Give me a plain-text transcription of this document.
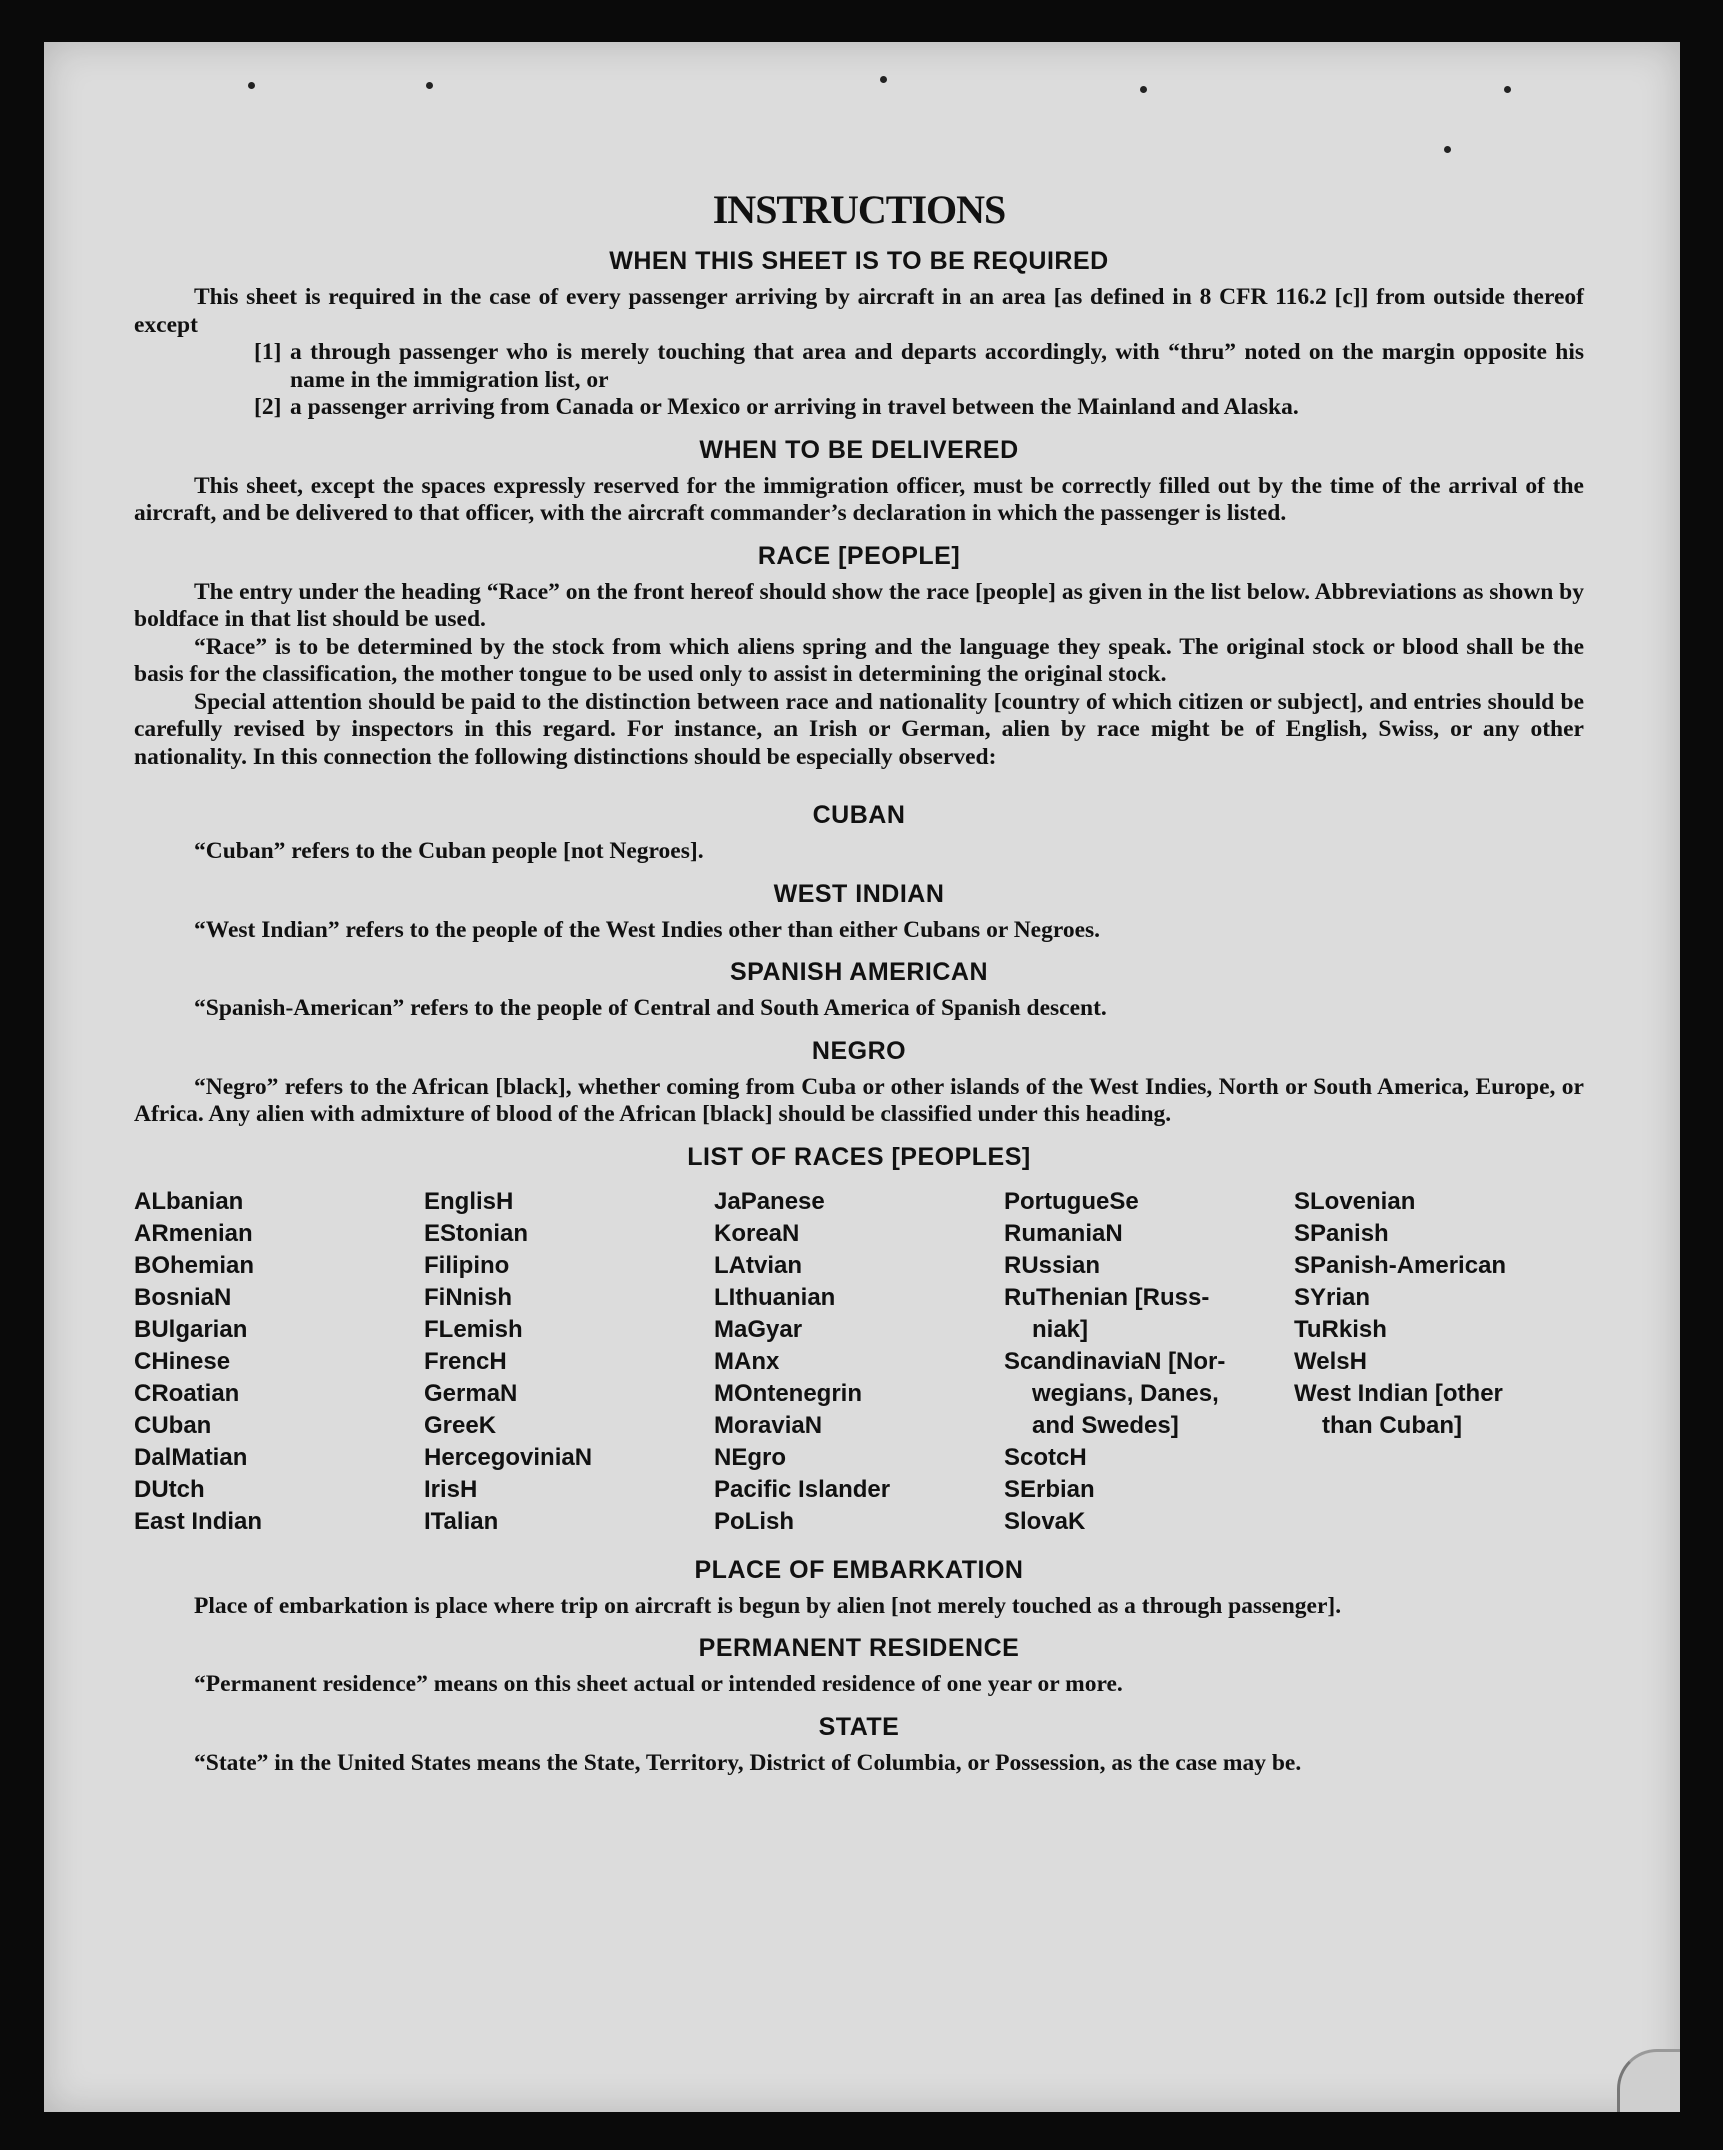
INSTRUCTIONS
WHEN THIS SHEET IS TO BE REQUIRED

This sheet is required in the case of every passenger arriving by aircraft in an area [as defined in 8 CFR 116.2 [c]] from outside thereof except

[1] a through passenger who is merely touching that area and departs accordingly, with “thru” noted on the margin opposite his name in the immigration list, or
[2] a passenger arriving from Canada or Mexico or arriving in travel between the Mainland and Alaska.
WHEN TO BE DELIVERED

This sheet, except the spaces expressly reserved for the immigration officer, must be correctly filled out by the time of the arrival of the aircraft, and be delivered to that officer, with the aircraft commander’s declaration in which the passenger is listed.

RACE [PEOPLE]

The entry under the heading “Race” on the front hereof should show the race [people] as given in the list below. Abbreviations as shown by boldface in that list should be used.

“Race” is to be determined by the stock from which aliens spring and the language they speak. The original stock or blood shall be the basis for the classification, the mother tongue to be used only to assist in determining the original stock.

Special attention should be paid to the distinction between race and nationality [country of which citizen or subject], and entries should be carefully revised by inspectors in this regard. For instance, an Irish or German, alien by race might be of English, Swiss, or any other nationality. In this connection the following distinctions should be especially observed:

CUBAN

“Cuban” refers to the Cuban people [not Negroes].

WEST INDIAN

“West Indian” refers to the people of the West Indies other than either Cubans or Negroes.

SPANISH AMERICAN

“Spanish-American” refers to the people of Central and South America of Spanish descent.

NEGRO

“Negro” refers to the African [black], whether coming from Cuba or other islands of the West Indies, North or South America, Europe, or Africa. Any alien with admixture of blood of the African [black] should be classified under this heading.

LIST OF RACES [PEOPLES]
ALbanian
ARmenian
BOhemian
BosniaN
BUlgarian
CHinese
CRoatian
CUban
DalMatian
DUtch
East Indian
EnglisH
EStonian
Filipino
FiNnish
FLemish
FrencH
GermaN
GreeK
HercegoviniaN
IrisH
ITalian
JaPanese
KoreaN
LAtvian
LIthuanian
MaGyar
MAnx
MOntenegrin
MoraviaN
NEgro
Pacific Islander
PoLish
PortugueSe
RumaniaN
RUssian
RuThenian [Russ-
niak]
ScandinaviaN [Nor-
wegians, Danes,
and Swedes]
ScotcH
SErbian
SlovaK
SLovenian
SPanish
SPanish-American
SYrian
TuRkish
WelsH
West Indian [other
than Cuban]
PLACE OF EMBARKATION

Place of embarkation is place where trip on aircraft is begun by alien [not merely touched as a through passenger].

PERMANENT RESIDENCE

“Permanent residence” means on this sheet actual or intended residence of one year or more.

STATE

“State” in the United States means the State, Territory, District of Columbia, or Possession, as the case may be.
